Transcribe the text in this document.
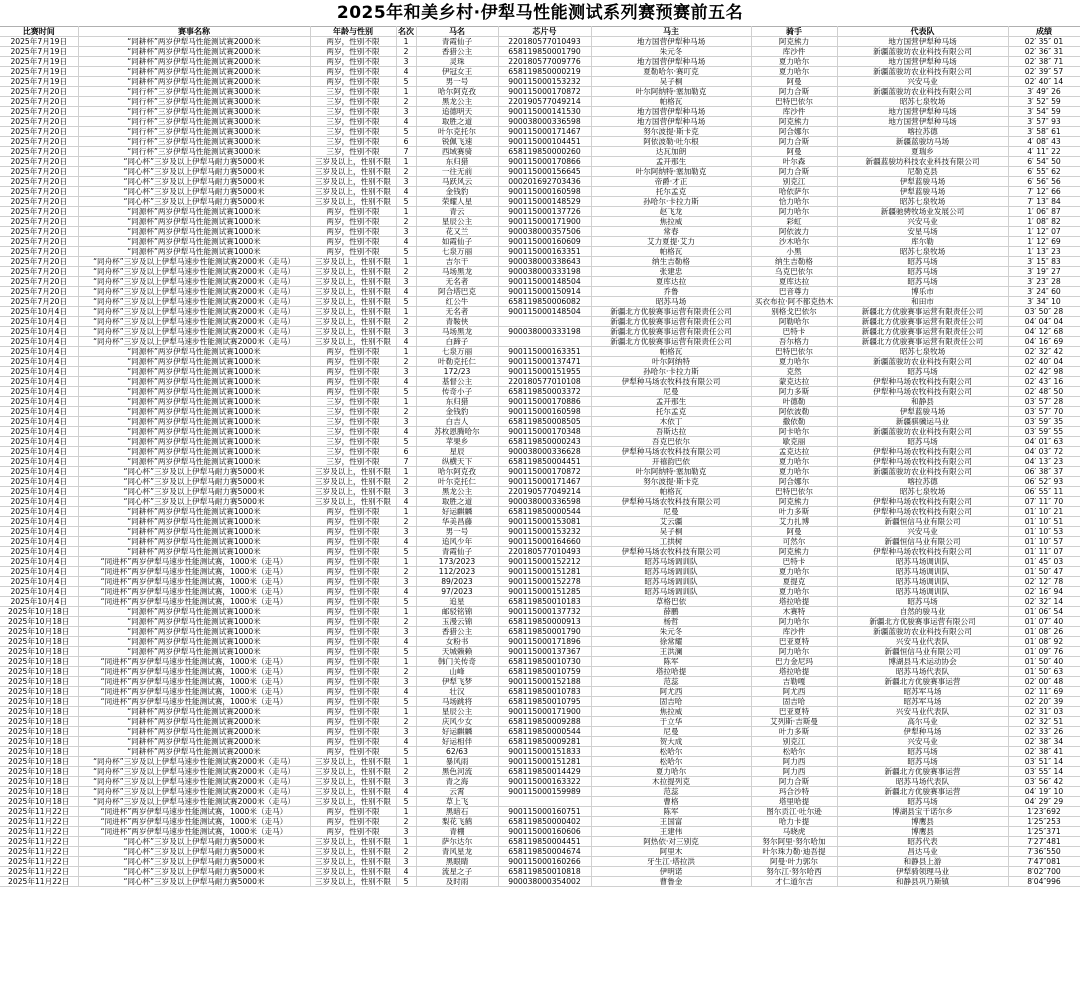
2025年和美乡村·伊犁马性能测试系列赛预赛前五名
比赛时间	赛事名称	年龄与性别	名次	马名	芯片号	马主	骑手	代表队	成绩
2025年7月19日	“同耕杯”两岁伊犁马性能测试赛2000米	两岁，性别不限	1	青霞仙子	220180577010493	地方国营伊犁种马场	阿克熊力	地方国营伊犁种马场	02′ 35″ 01
2025年7月19日	“同耕杯”两岁伊犁马性能测试赛2000米	两岁，性别不限	2	香猎公主	658119850001790	朱元冬	库沙件	新疆蓝骏坊农业科技有限公司	02′ 36″ 31
2025年7月19日	“同耕杯”两岁伊犁马性能测试赛2000米	两岁，性别不限	3	灵珠	220180577009776	地方国营伊犁种马场	夏力哈尔	地方国营伊犁种马场	02′ 38″ 71
2025年7月19日	“同耕杯”两岁伊犁马性能测试赛2000米	两岁，性别不限	4	伊冠女王	658119850000219	夏勒哈尔·赛叮克	夏力哈尔	新疆蓝骏坊农业科技有限公司	02′ 39″ 57
2025年7月19日	“同耕杯”两岁伊犁马性能测试赛2000米	两岁，性别不限	5	男一号	900115000153232	吴子桐	阿曼	兴安马业	02′ 40″ 14
2025年7月20日	“同行杯”三岁伊犁马性能测试赛3000米	三岁，性别不限	1	哈尔阿克孜	900115000170872	叶尔阿纳特·塞加勒克	阿力合斯	新疆蓝骏坊农业科技有限公司	3′ 49″ 26
2025年7月20日	“同行杯”三岁伊犁马性能测试赛3000米	三岁，性别不限	2	黑龙公主	220190577049214	帕格瓦	巴特巴依尔	昭苏七泉牧场	3′ 52″ 59
2025年7月20日	“同行杯”三岁伊犁马性能测试赛3000米	三岁，性别不限	3	追德明天	900115000141530	地方国营伊犁种马场	库沙件	地方国营伊犁种马场	3′ 54″ 59
2025年7月20日	“同行杯”三岁伊犁马性能测试赛3000米	三岁，性别不限	4	取胜之道	900038000336598	地方国营伊犁种马场	阿克熊力	地方国营伊犁种马场	3′ 57″ 93
2025年7月20日	“同行杯”三岁伊犁马性能测试赛3000米	三岁，性别不限	5	叶尔克托尔	900115000171467	努尔波提·斯卡克	阿合娜尔	喀拉苏德	3′ 58″ 61
2025年7月20日	“同行杯”三岁伊犁马性能测试赛3000米	三岁，性别不限	6	锐佩飞速	900115000104451	阿依波勒·吐尔根	阿力合斯	新疆蓝骏坊马场	4′ 08″ 43
2025年7月20日	“同行杯”三岁伊犁马性能测试赛3000米	三岁，性别不限	7	西域赛骑	658119850000260	达瓦加朗	阿曼	夏瑞乡	4′ 11″ 22
2025年7月20日	“同心杯”三岁及以上伊犁马耐力赛5000米	三岁及以上，性别不限	1	东归猎	900115000170866	孟开那生	叶尔森	新疆蓝骏坊科技农业科技有限公司	6′ 54″ 50
2025年7月20日	“同心杯”三岁及以上伊犁马耐力赛5000米	三岁及以上，性别不限	2	一往无前	900115000156645	叶尔阿纳特·塞加勒克	阿力合斯	尼勒克县	6′ 55″ 62
2025年7月20日	“同心杯”三岁及以上伊犁马耐力赛5000米	三岁及以上，性别不限	3	马跃风云	000201692703436	帝爵·才正	别克江	伊犁蓝骏马场	6′ 56″ 56
2025年7月20日	“同心杯”三岁及以上伊犁马耐力赛5000米	三岁及以上，性别不限	4	金钱豹	900115000160598	托尔孟克	哈依萨尔	伊犁蓝骏马场	7′ 12″ 66
2025年7月20日	“同心杯”三岁及以上伊犁马耐力赛5000米	三岁及以上，性别不限	5	荣耀人星	900115000148529	孙哈尔·卡拉力斯	恰力哈尔	昭苏七泉牧场	7′ 13″ 84
2025年7月20日	“同源杯”两岁伊犁马性能测试赛1000米	两岁，性别不限	1	青云	900115000137726	赵飞龙	阿力哈尔	新疆驰骋牧场业发展公司	1′ 06″ 87
2025年7月20日	“同源杯”两岁伊犁马性能测试赛1000米	两岁，性别不限	2	星辰公主	900115000171900	焦拉威	彩虹	兴安马业	1′ 08″ 82
2025年7月20日	“同源杯”两岁伊犁马性能测试赛1000米	两岁，性别不限	3	花又兰	900038000357506	常春	阿依波力	安星马场	1′ 12″ 07
2025年7月20日	“同源杯”两岁伊犁马性能测试赛1000米	两岁，性别不限	4	如霞仙子	900115000160609	艾力夏提·艾力	沙木哈尔	库尔勒	1′ 12″ 69
2025年7月20日	“同源杯”两岁伊犁马性能测试赛1000米	两岁，性别不限	5	七泉万丽	900115000163351	帕格瓦	小黑	昭苏七泉牧场	1′ 13″ 23
2025年7月20日	“同舟杯”三岁及以上伊犁马速步性能测试赛2000米（走马）	三岁及以上，性别不限	1	吉尔干	900038000338643	纳生吉勒格	纳生吉勒格	昭苏马场	3′ 15″ 83
2025年7月20日	“同舟杯”三岁及以上伊犁马速步性能测试赛2000米（走马）	三岁及以上，性别不限	2	马场黑龙	900038000333198	张建忠	乌克巴依尔	昭苏马场	3′ 19″ 27
2025年7月20日	“同舟杯”三岁及以上伊犁马速步性能测试赛2000米（走马）	三岁及以上，性别不限	3	无名者	900115000148504	夏库达拉	夏库达拉	昭苏马场	3′ 23″ 28
2025年7月20日	“同舟杯”三岁及以上伊犁马速步性能测试赛2000米（走马）	三岁及以上，性别不限	4	阿合塔巴克	900115000150914	乔鲁	巴音尊力	博乐市	3′ 24″ 60
2025年7月20日	“同舟杯”三岁及以上伊犁马速步性能测试赛2000米（走马）	三岁及以上，性别不限	5	红公牛	658119850006082	昭苏马场	买衣布拉·阿不都克热木	和田市	3′ 34″ 10
2025年10月4日	“同舟杯”三岁及以上伊犁马速步性能测试赛2000米（走马）	三岁及以上，性别不限	1	无名者	900115000148504	新疆北方优骏赛事运营有限责任公司	别格戈巴依尔	新疆北方优骏赛事运营有限责任公司	03′ 50″ 28
2025年10月4日	“同舟杯”三岁及以上伊犁马速步性能测试赛2000米（走马）	三岁及以上，性别不限	2	青鞍侠		新疆北方优骏赛事运营有限责任公司	阿勒哈尔	新疆北方优骏赛事运营有限责任公司	04′ 04″ 04
2025年10月4日	“同舟杯”三岁及以上伊犁马速步性能测试赛2000米（走马）	三岁及以上，性别不限	3	马场黑龙	900038000333198	新疆北方优骏赛事运营有限责任公司	巴特卡	新疆北方优骏赛事运营有限责任公司	04′ 12″ 68
2025年10月4日	“同舟杯”三岁及以上伊犁马速步性能测试赛2000米（走马）	三岁及以上，性别不限	4	白蹄子		新疆北方优骏赛事运营有限责任公司	吾尔格力	新疆北方优骏赛事运营有限责任公司	04′ 16″ 69
2025年10月4日	“同源杯”两岁伊犁马性能测试赛1000米	两岁，性别不限	1	七泉万丽	900115000163351	帕格瓦	巴特巴依尔	昭苏七泉牧场	02′ 32″ 42
2025年10月4日	“同源杯”两岁伊犁马性能测试赛1000米	两岁，性别不限	2	叶勒克托仁	900115000137471	叶尔阿纳特	夏力哈尔	新疆蓝骏坊农业科技有限公司	02′ 40″ 04
2025年10月4日	“同源杯”两岁伊犁马性能测试赛1000米	两岁，性别不限	3	172/23	900115000151955	孙哈尔·卡拉力斯	克然	昭苏马场	02′ 42″ 98
2025年10月4日	“同源杯”两岁伊犁马性能测试赛1000米	两岁，性别不限	4	基督公主	220180577010108	伊犁种马场农牧科技有限公司	蒙克达拉	伊犁种马场农牧科技有限公司	02′ 43″ 16
2025年10月4日	“同源杯”两岁伊犁马性能测试赛1000米	两岁，性别不限	5	传奇小子	658119850003372	尼曼	阿力多斯	伊犁种马场农牧科技有限公司	02′ 48″ 50
2025年10月4日	“同源杯”两岁伊犁马性能测试赛1000米	三岁，性别不限	1	东归猎	900115000170886	孟开那生	叶德勒	和静县	03′ 57″ 28
2025年10月4日	“同源杯”两岁伊犁马性能测试赛1000米	三岁，性别不限	2	金钱豹	900115000160598	托尔孟克	阿依波勒	伊犁蓝骏马场	03′ 57″ 70
2025年10月4日	“同源杯”两岁伊犁马性能测试赛1000米	三岁，性别不限	3	白吉人	658119850008505	木依丁	撒依勒	新疆骐骥运马业	03′ 59″ 35
2025年10月4日	“同源杯”两岁伊犁马性能测试赛1000米	三岁，性别不限	4	苏枚恩腾哈尔	900115000170348	吾斯达拉	阿卡哈尔	新疆蓝骏坊农业科技有限公司	03′ 59″ 55
2025年10月4日	“同源杯”两岁伊犁马性能测试赛1000米	三岁，性别不限	5	苹果乡	658119850000243	吾克巴依尔	歇克丽	昭苏马场	04′ 01″ 63
2025年10月4日	“同源杯”两岁伊犁马性能测试赛1000米	三岁，性别不限	6	星辰	900038000336628	伊犁种马场农牧科技有限公司	孟克达拉	伊犁种马场农牧科技有限公司	04′ 03″ 72
2025年10月4日	“同源杯”两岁伊犁马性能测试赛1000米	三岁，性别不限	7	纵横天下	658119850004451	开禧韵巴依	夏力哈尔	伊犁种马场农牧科技有限公司	04′ 13″ 23
2025年10月4日	“同心杯”三岁及以上伊犁马耐力赛5000米	三岁及以上，性别不限	1	哈尔阿克孜	900115000170872	叶尔阿纳特·塞加勒克	夏力哈尔	新疆蓝骏坊农业科技有限公司	06′ 38″ 37
2025年10月4日	“同心杯”三岁及以上伊犁马耐力赛5000米	三岁及以上，性别不限	2	叶尔克托仁	900115000171467	努尔波提·斯卡克	阿合娜尔	喀拉苏德	06′ 52″ 93
2025年10月4日	“同心杯”三岁及以上伊犁马耐力赛5000米	三岁及以上，性别不限	3	黑龙公主	220190577049214	帕格瓦	巴特巴依尔	昭苏七泉牧场	06′ 55″ 11
2025年10月4日	“同心杯”三岁及以上伊犁马耐力赛5000米	三岁及以上，性别不限	4	取胜之道	900038000336598	伊犁种马场农牧科技有限公司	阿克熊力	伊犁种马场农牧科技有限公司	07′ 11″ 70
2025年10月4日	“同耕杯”两岁伊犁马性能测试赛1000米	两岁，性别不限	1	好运麒麟	658119850000544	尼曼	叶力多斯	伊犁种马场农牧科技有限公司	01′ 10″ 21
2025年10月4日	“同耕杯”两岁伊犁马性能测试赛1000米	两岁，性别不限	2	华美昌藤	900115000153081	艾云疆	艾力扎博	新疆恒信马业有限公司	01′ 10″ 51
2025年10月4日	“同耕杯”两岁伊犁马性能测试赛1000米	两岁，性别不限	3	男一号	900115000153232	吴子桐	阿曼	兴安马业	01′ 10″ 53
2025年10月4日	“同耕杯”两岁伊犁马性能测试赛1000米	两岁，性别不限	4	追风少年	900115000164660	工拱树	可然尔	新疆恒信马业有限公司	01′ 10″ 57
2025年10月4日	“同耕杯”两岁伊犁马性能测试赛1000米	两岁，性别不限	5	青霞仙子	220180577010493	伊犁种马场农牧科技有限公司	阿克熊力	伊犁种马场农牧科技有限公司	01′ 11″ 07
2025年10月4日	“同进杯”两岁伊犁马速步性能测试赛，1000米（走马）	两岁，性别不限	1	173/2023	900115000152212	昭苏马场调训队	巴特卡	昭苏马场调训队	01′ 45″ 03
2025年10月4日	“同进杯”两岁伊犁马速步性能测试赛，1000米（走马）	两岁，性别不限	2	112/2023	900115000151281	昭苏马场调训队	夏力哈尔	昭苏马场调训队	01′ 50″ 47
2025年10月4日	“同进杯”两岁伊犁马速步性能测试赛，1000米（走马）	两岁，性别不限	3	89/2023	900115000152278	昭苏马场调训队	夏提克	昭苏马场调训队	02′ 12″ 78
2025年10月4日	“同进杯”两岁伊犁马速步性能测试赛，1000米（走马）	两岁，性别不限	4	97/2023	900115000151285	昭苏马场调训队	夏力哈尔	昭苏马场调训队	02′ 16″ 94
2025年10月4日	“同进杯”两岁伊犁马速步性能测试赛，1000米（走马）	两岁，性别不限	5	追星	658119850010183	草格巴依	塔拉哈提	昭苏马场	02′ 32″ 14
2025年10月18日	“同源杯”两岁伊犁马性能测试赛1000米	两岁，性别不限	1	邮驳铭锦	900115000137732	薛鹏	木赛特	自然的骏马业	01′ 06″ 54
2025年10月18日	“同源杯”两岁伊犁马性能测试赛1000米	两岁，性别不限	2	玉漫云锦	658119850000913	杨哲	阿力哈尔	新疆北方优骏赛事运营有限公司	01′ 07″ 40
2025年10月18日	“同源杯”两岁伊犁马性能测试赛1000米	两岁，性别不限	3	香猎公主	658119850001790	朱元冬	库沙件	新疆蓝骏坊农业科技有限公司	01′ 08″ 26
2025年10月18日	“同源杯”两岁伊犁马性能测试赛1000米	两岁，性别不限	4	女粉书	900115000171896	徐常耀	巴亚夏特	兴安马业代表队	01′ 08″ 92
2025年10月18日	“同源杯”两岁伊犁马性能测试赛1000米	两岁，性别不限	5	天城赖赖	900115000137367	王洪澜	阿力哈尔	新疆恒信马业有限公司	01′ 09″ 76
2025年10月18日	“同进杯”两岁伊犁马速步性能测试赛，1000米（走马）	两岁，性别不限	1	韩门关传奇	658119850010730	陈军	巴力金尼玛	博湖县马术运动协会	01′ 50″ 40
2025年10月18日	“同进杯”两岁伊犁马速步性能测试赛，1000米（走马）	两岁，性别不限	2	山峰	658119850010759	塔拉哈提	塔拉哈提	昭苏马场代表队	01′ 50″ 63
2025年10月18日	“同进杯”两岁伊犁马速步性能测试赛，1000米（走马）	两岁，性别不限	3	伊犁飞梦	900115000152188	范蕊	吉勒嘎	新疆北方优骏赛事运营	02′ 00″ 48
2025年10月18日	“同进杯”两岁伊犁马速步性能测试赛，1000米（走马）	两岁，性别不限	4	壮汉	658119850010783	阿尤西	阿尤西	昭苏军马场	02′ 11″ 69
2025年10月18日	“同进杯”两岁伊犁马速步性能测试赛，1000米（走马）	两岁，性别不限	5	马场跳将	658119850010795	固吉哈	固吉哈	昭苏军马场	02′ 20″ 39
2025年10月18日	“同耕杯”两岁伊犁马性能测试赛2000米	两岁，性别不限	1	星辰公主	900115000171900	焦拉威	巴亚夏特	兴安马业代表队	02′ 31″ 03
2025年10月18日	“同耕杯”两岁伊犁马性能测试赛2000米	两岁，性别不限	2	庆风少女	658119850009288	于立华	艾列斯·吉斯曼	高尔马业	02′ 32″ 51
2025年10月18日	“同耕杯”两岁伊犁马性能测试赛2000米	两岁，性别不限	3	好运麒麟	658119850000544	尼曼	叶力多斯	伊犁种马场	02′ 33″ 26
2025年10月18日	“同耕杯”两岁伊犁马性能测试赛2000米	两岁，性别不限	4	好运相伴	658119850009281	贺大成	别克江	兴安马业	02′ 38″ 34
2025年10月18日	“同耕杯”两岁伊犁马性能测试赛2000米	两岁，性别不限	5	62/63	900115000151833	松哈尔	松哈尔	昭苏马场	02′ 38″ 41
2025年10月18日	“同舟杯”三岁及以上伊犁马速步性能测试赛2000米（走马）	三岁及以上，性别不限	1	暴风雨	900115000151281	松哈尔	阿力西	昭苏马场	03′ 51″ 14
2025年10月18日	“同舟杯”三岁及以上伊犁马速步性能测试赛2000米（走马）	三岁及以上，性别不限	2	黑色河流	658119850014429	夏力哈尔	阿力西	新疆北方优骏赛事运营	03′ 55″ 14
2025年10月18日	“同舟杯”三岁及以上伊犁马速步性能测试赛2000米（走马）	三岁及以上，性别不限	3	青之海	900115000163322	木拉提列克	阿力合斯	昭苏马场代表队	03′ 56″ 42
2025年10月18日	“同舟杯”三岁及以上伊犁马速步性能测试赛2000米（走马）	三岁及以上，性别不限	4	云霄	900115000159989	范蕊	玛合沙特	新疆北方优骏赛事运营	04′ 19″ 10
2025年10月18日	“同舟杯”三岁及以上伊犁马速步性能测试赛2000米（走马）	三岁及以上，性别不限	5	草上飞		曹格	塔里哈提	昭苏马场	04′ 29″ 29
2025年11月22日	“同进杯”两岁伊犁马速步性能测试赛，1000米（走马）	两岁，性别不限	1	黑暗石	900115000160751	陈军	图尔贡江·吐尔逊	博湖县宝干诺尔乡	1′23″692
2025年11月22日	“同进杯”两岁伊犁马速步性能测试赛，1000米（走马）	两岁，性别不限	2	梨花飞鹤	658119850000402	王国富	哈力卡提	博鹰县	1′25″253
2025年11月22日	“同进杯”两岁伊犁马速步性能测试赛，1000米（走马）	两岁，性别不限	3	青棚	900115000160606	王建伟	马晓虎	博鹰县	1′25″371
2025年11月22日	“同心杯”三岁及以上伊犁马耐力赛5000米	三岁及以上，性别不限	1	萨尔达尔	658119850004451	阿热依·对三别克	努尔阿里·努尔哈加	昭苏代表	7′27″481
2025年11月22日	“同心杯”三岁及以上伊犁马耐力赛5000米	三岁及以上，性别不限	2	青风星龙	658119850004674	阿里木	叶尔珠力勒·迪吾提	昌达马业	7′36″550
2025年11月22日	“同心杯”三岁及以上伊犁马耐力赛5000米	三岁及以上，性别不限	3	黑眼睛	900115000160266	牙生江·塔拉洪	阿曼·叶力郭尔	和静县上游	7′47″081
2025年11月22日	“同心杯”三岁及以上伊犁马耐力赛5000米	三岁及以上，性别不限	4	流星之子	658119850010818	伊明诺	努尔江·努尔哈西	伊犁骑领理马业	8′02″700
2025年11月22日	“同心杯”三岁及以上伊犁马耐力赛5000米	三岁及以上，性别不限	5	及时雨	900038000354002	曹鲁金	才仁道尔吉	和静县巩乃斯镇	8′04″996
